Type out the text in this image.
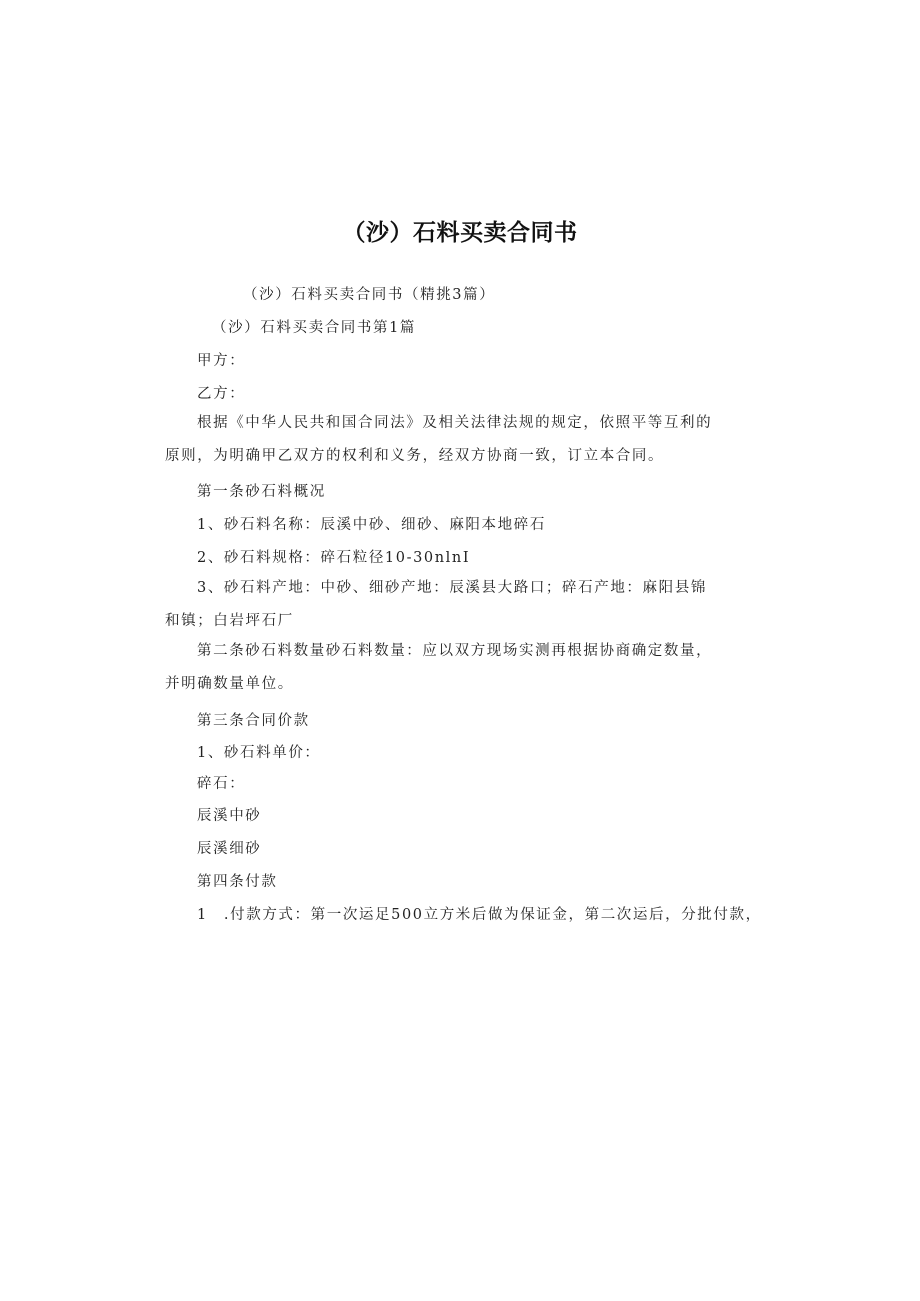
（沙）石料买卖合同书
（沙）石料买卖合同书（精挑3篇）
（沙）石料买卖合同书第1篇
甲方：
乙方：
根据《中华人民共和国合同法》及相关法律法规的规定，依照平等互利的原则，为明确甲乙双方的权利和义务，经双方协商一致，订立本合同。
第一条砂石料概况
1、砂石料名称：辰溪中砂、细砂、麻阳本地碎石
2、砂石料规格：碎石粒径10-30nlnI
3、砂石料产地：中砂、细砂产地：辰溪县大路口；碎石产地：麻阳县锦和镇；白岩坪石厂
第二条砂石料数量砂石料数量：应以双方现场实测再根据协商确定数量，并明确数量单位。
第三条合同价款
1、砂石料单价：
碎石：
辰溪中砂
辰溪细砂
第四条付款
1　.付款方式：第一次运足500立方米后做为保证金，第二次运后，分批付款，
